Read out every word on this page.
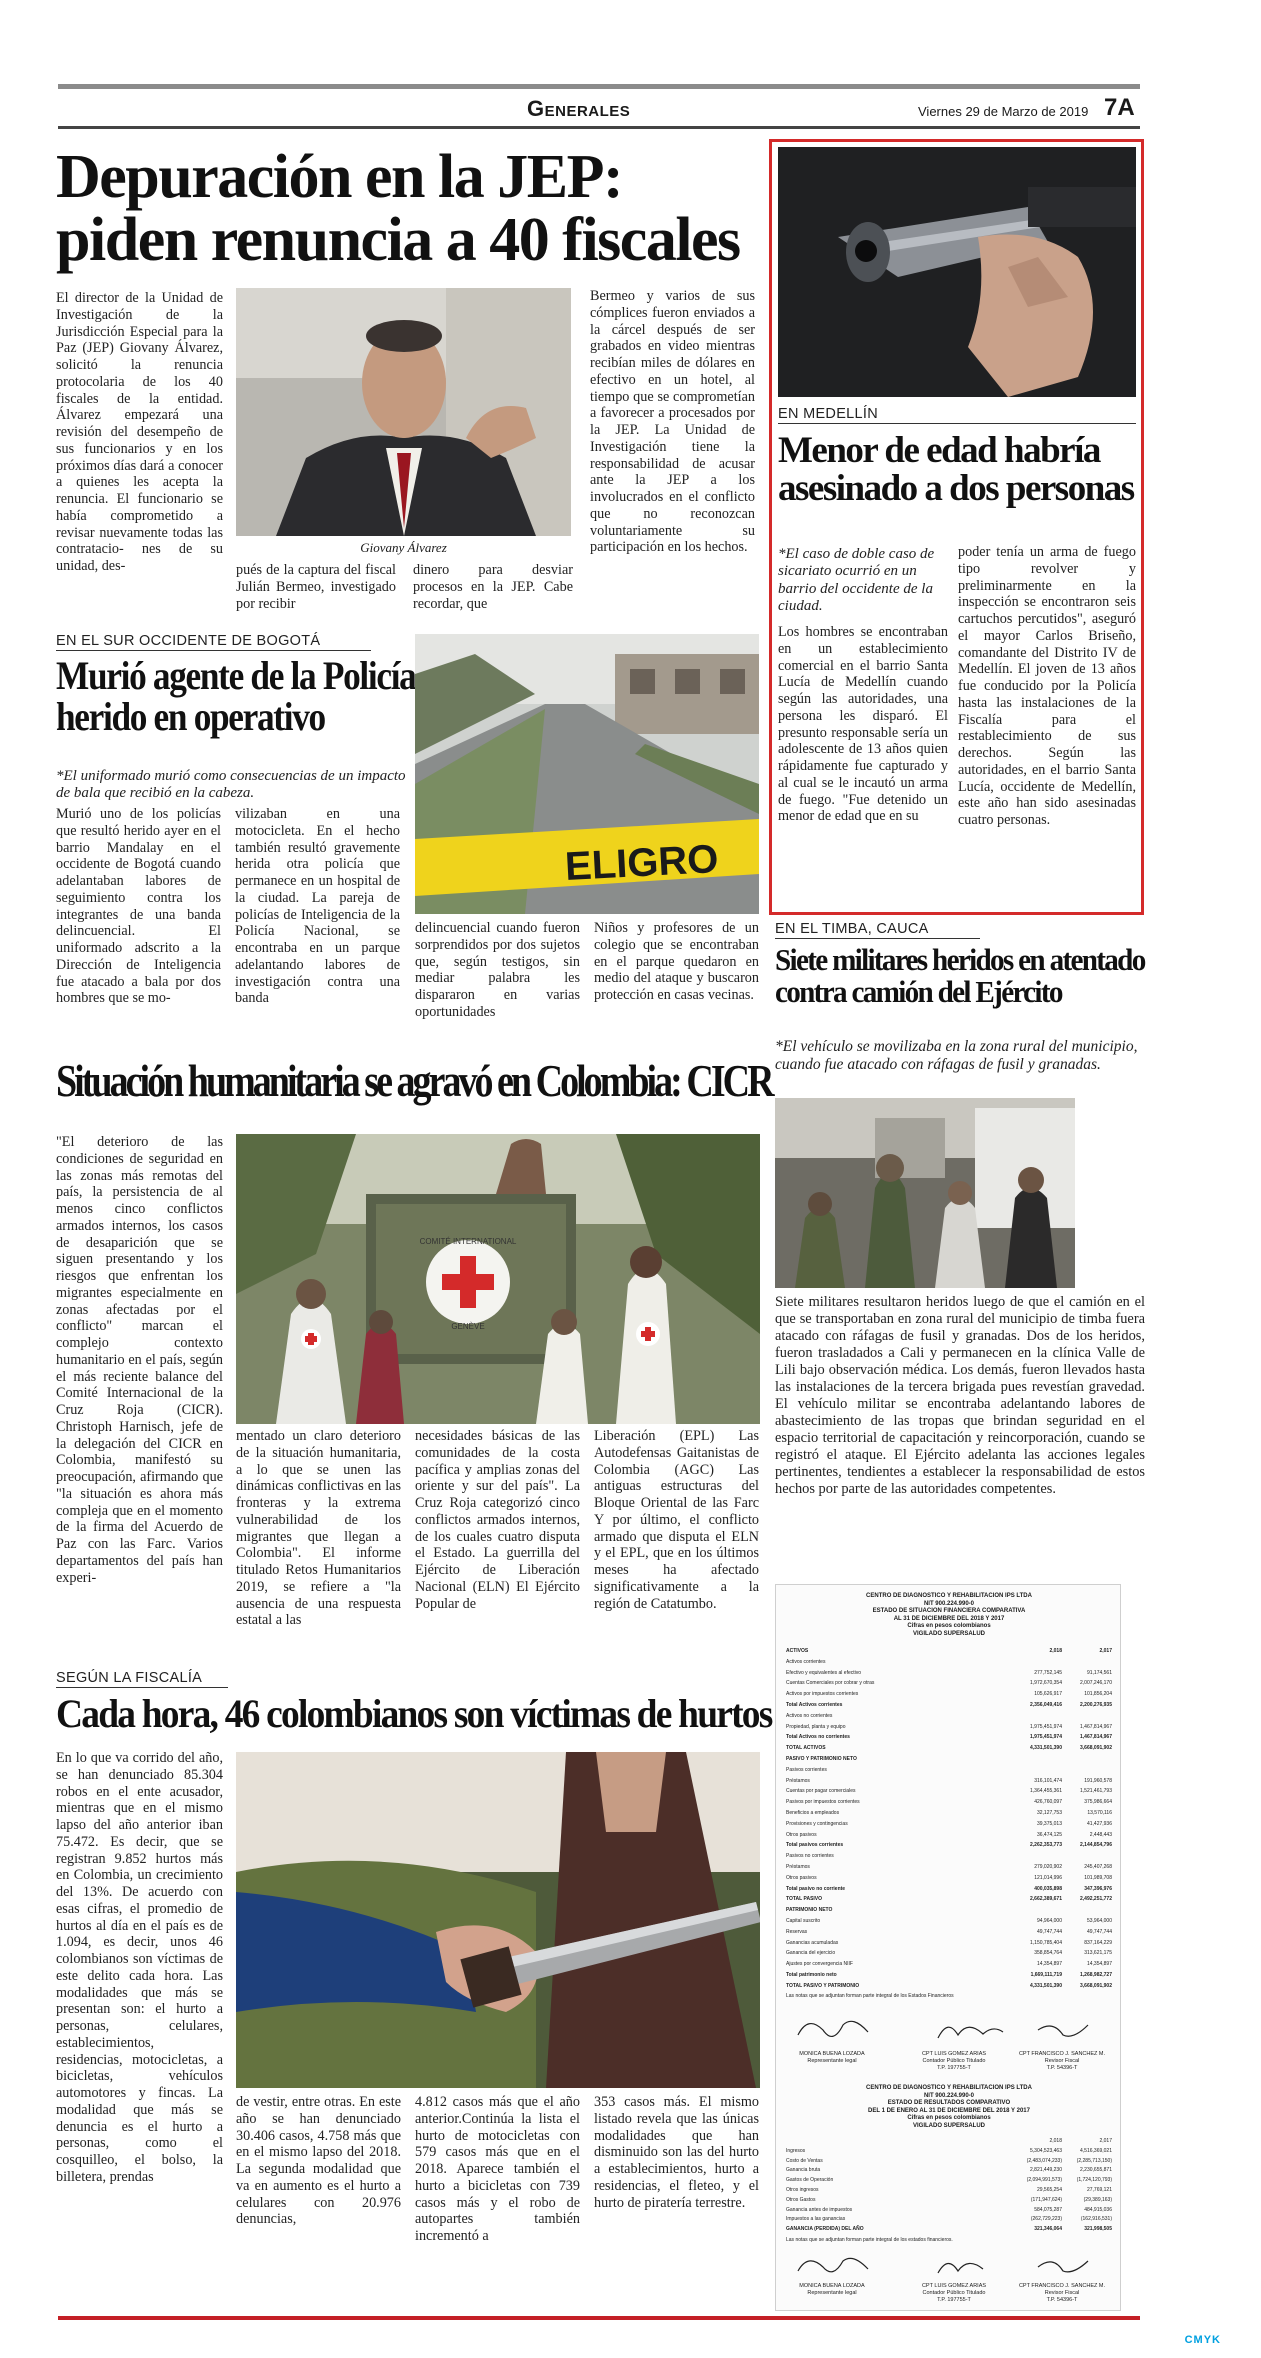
Generales	Viernes 29 de Marzo de 2019 7A
Depuración en la JEP:
piden renuncia a 40 fiscales
El director de la Unidad de Investigación de la Jurisdicción Especial para la Paz (JEP) Giovany Álvarez, solicitó la renuncia protocolaria de los 40 fiscales de la entidad. Álvarez empezará una revisión del desempeño de sus funcionarios y en los próximos días dará a conocer a quienes les acepta la renuncia. El funcionario se había comprometido a revisar nuevamente todas las contratacio- nes de su unidad, des-
Giovany Álvarez
pués de la captura del fiscal Julián Bermeo, investigado por recibir
dinero para desviar procesos en la JEP. Cabe recordar, que
Bermeo y varios de sus cómplices fueron enviados a la cárcel después de ser grabados en video mientras recibían miles de dólares en efectivo en un hotel, al tiempo que se comprometían a favorecer a procesados por la JEP. La Unidad de Investigación tiene la responsabilidad de acusar ante la JEP a los involucrados en el conflicto que no reconozcan voluntariamente su participación en los hechos.
EN MEDELLÍN
Menor de edad habría
asesinado a dos personas
*El caso de doble caso de sicariato ocurrió en un barrio del occidente de la ciudad.
Los hombres se encontraban en un establecimiento comercial en el barrio Santa Lucía de Medellín cuando según las autoridades, una persona les disparó. El presunto responsable sería un adolescente de 13 años quien rápidamente fue capturado y al cual se le incautó un arma de fuego. "Fue detenido un menor de edad que en su
poder tenía un arma de fuego tipo revolver y preliminarmente en la inspección se encontraron seis cartuchos percutidos", aseguró el mayor Carlos Briseño, comandante del Distrito IV de Medellín. El joven de 13 años fue conducido por la Policía hasta las instalaciones de la Fiscalía para el restablecimiento de sus derechos. Según las autoridades, en el barrio Santa Lucía, occidente de Medellín, este año han sido asesinadas cuatro personas.
EN EL SUR OCCIDENTE DE BOGOTÁ
Murió agente de la Policía
herido en operativo
*El uniformado murió como consecuencias de un impacto de bala que recibió en la cabeza.
Murió uno de los policías que resultó herido ayer en el barrio Mandalay en el occidente de Bogotá cuando adelantaban labores de seguimiento contra los integrantes de una banda delincuencial. El uniformado adscrito a la Dirección de Inteligencia fue atacado a bala por dos hombres que se mo-
vilizaban en una motocicleta. En el hecho también resultó gravemente herida otra policía que permanece en un hospital de la ciudad. La pareja de policías de Inteligencia de la Policía Nacional, se encontraba en un parque adelantando labores de investigación contra una banda
ELIGRO
delincuencial cuando fueron sorprendidos por dos sujetos que, según testigos, sin mediar palabra les dispararon en varias oportunidades
Niños y profesores de un colegio que se encontraban en el parque quedaron en medio del ataque y buscaron protección en casas vecinas.
EN EL TIMBA, CAUCA
Siete militares heridos en atentado
contra camión del Ejército
*El vehículo se movilizaba en la zona rural del municipio, cuando fue atacado con ráfagas de fusil y granadas.
Siete militares resultaron heridos luego de que el camión en el que se transportaban en zona rural del municipio de timba fuera atacado con ráfagas de fusil y granadas. Dos de los heridos, fueron trasladados a Cali y permanecen en la clínica Valle de Lili bajo observación médica. Los demás, fueron llevados hasta las instalaciones de la tercera brigada pues revestían gravedad. El vehículo militar se encontraba adelantando labores de abastecimiento de las tropas que brindan seguridad en el espacio territorial de capacitación y reincorporación, cuando se registró el ataque. El Ejército adelanta las acciones legales pertinentes, tendientes a establecer la responsabilidad de estos hechos por parte de las autoridades competentes.
Situación humanitaria se agravó en Colombia: CICR
"El deterioro de las condiciones de seguridad en las zonas más remotas del país, la persistencia de al menos cinco conflictos armados internos, los casos de desaparición que se siguen presentando y los riesgos que enfrentan los migrantes especialmente en zonas afectadas por el conflicto" marcan el complejo contexto humanitario en el país, según el más reciente balance del Comité Internacional de la Cruz Roja (CICR). Christoph Harnisch, jefe de la delegación del CICR en Colombia, manifestó su preocupación, afirmando que "la situación es ahora más compleja que en el momento de la firma del Acuerdo de Paz con las Farc. Varios departamentos del país han experi-
COMITÉ INTERNATIONAL
GENÈVE
mentado un claro deterioro de la situación humanitaria, a lo que se unen las dinámicas conflictivas en las fronteras y la extrema vulnerabilidad de los migrantes que llegan a Colombia". El informe titulado Retos Humanitarios 2019, se refiere a "la ausencia de una respuesta estatal a las
necesidades básicas de las comunidades de la costa pacífica y amplias zonas del oriente y sur del país". La Cruz Roja categorizó cinco conflictos armados internos, de los cuales cuatro disputa el Estado. La guerrilla del Ejército de Liberación Nacional (ELN) El Ejército Popular de
Liberación (EPL) Las Autodefensas Gaitanistas de Colombia (AGC) Las antiguas estructuras del Bloque Oriental de las Farc Y por último, el conflicto armado que disputa el ELN y el EPL, que en los últimos meses ha afectado significativamente a la región de Catatumbo.
SEGÚN LA FISCALÍA
Cada hora, 46 colombianos son víctimas de hurtos
En lo que va corrido del año, se han denunciado 85.304 robos en el ente acusador, mientras que en el mismo lapso del año anterior iban 75.472. Es decir, que se registran 9.852 hurtos más en Colombia, un crecimiento del 13%. De acuerdo con esas cifras, el promedio de hurtos al día en el país es de 1.094, es decir, unos 46 colombianos son víctimas de este delito cada hora. Las modalidades que más se presentan son: el hurto a personas, celulares, establecimientos, residencias, motocicletas, a bicicletas, vehículos automotores y fincas. La modalidad que más se denuncia es el hurto a personas, como el cosquilleo, el bolso, la billetera, prendas
de vestir, entre otras. En este año se han denunciado 30.406 casos, 4.758 más que en el mismo lapso del 2018. La segunda modalidad que va en aumento es el hurto a celulares con 20.976 denuncias,
4.812 casos más que el año anterior.Continúa la lista el hurto de motocicletas con 579 casos más que en el 2018. Aparece también el hurto a bicicletas con 739 casos más y el robo de autopartes también incrementó a
353 casos más. El mismo listado revela que las únicas modalidades que han disminuido son las del hurto a establecimientos, hurto a residencias, el fleteo, y el hurto de piratería terrestre.
CENTRO DE DIAGNOSTICO Y REHABILITACION IPS LTDA
NIT 900.224.990-0
ESTADO DE SITUACION FINANCIERA COMPARATIVA
AL 31 DE DICIEMBRE DEL 2018 Y 2017
Cifras en pesos colombianos
VIGILADO SUPERSALUD
ACTIVOS	2,018	2,017
Activos corrientes
Efectivo y equivalentes al efectivo	277,752,145	91,174,561
Cuentas Comerciales por cobrar y otras	1,972,670,354	2,007,246,170
Activos por impuestos corrientes	105,626,917	101,856,204
Total Activos corrientes	2,356,049,416	2,200,276,935
Activos no corrientes
Propiedad, planta y equipo	1,975,451,974	1,467,814,967
Total Activos no corrientes	1,975,451,974	1,467,814,967
TOTAL ACTIVOS	4,331,501,390	3,668,091,902
PASIVO Y PATRIMONIO NETO
Pasivos corrientes
Préstamos	316,101,474	191,960,578
Cuentas por pagar comerciales	1,364,455,361	1,521,461,793
Pasivos por impuestos corrientes	426,760,097	375,986,664
Beneficios a empleados	32,127,753	13,570,116
Provisiones y contingencias	39,375,013	41,427,936
Otros pasivos	36,474,125	2,448,443
Total pasivos corrientes	2,262,353,773	2,144,854,796
Pasivos no corrientes
Préstamos	279,020,902	245,407,268
Otros pasivos	121,014,996	101,989,708
Total pasivo no corriente	400,035,898	347,396,976
TOTAL PASIVO	2,662,389,671	2,492,251,772
PATRIMONIO NETO
Capital suscrito	94,964,000	53,964,000
Reservas	49,747,744	49,747,744
Ganancias acumuladas	1,150,785,404	837,164,229
Ganancia del ejercicio	358,854,764	313,621,175
Ajustes por convergencia NIIF	14,354,897	14,354,897
Total patrimonio neto	1,669,111,719	1,268,982,727
TOTAL PASIVO Y PATRIMONIO	4,331,501,390	3,668,091,902
Las notas que se adjuntan forman parte integral de los Estados Financieros
MONICA BUENA LOZADA
Representante legal
CPT LUIS GOMEZ ARIAS
Contador Público Titulado
T.P. 197755-T
CPT FRANCISCO J. SANCHEZ M.
Revisor Fiscal
T.P. 54396-T
CENTRO DE DIAGNOSTICO Y REHABILITACION IPS LTDA
NIT 900.224.990-0
ESTADO DE RESULTADOS COMPARATIVO
DEL 1 DE ENERO AL 31 DE DICIEMBRE DEL 2018 Y 2017
Cifras en pesos colombianos
VIGILADO SUPERSALUD
2,018	2,017
Ingresos	5,304,523,463	4,516,369,021
Costo de Ventas	(2,483,074,233)	(2,285,713,150)
Ganancia bruta	2,821,449,230	2,230,655,871
Gastos de Operación	(2,094,991,573)	(1,724,120,793)
Otros ingresos	29,565,254	27,769,121
Otros Gastos	(171,947,624)	(29,389,163)
Ganancia antes de impuestos	584,075,287	484,915,036
Impuestos a las ganancias	(262,729,223)	(162,916,531)
GANANCIA (PERDIDA) DEL AÑO	321,346,064	321,998,505
Las notas que se adjuntan forman parte integral de los estados financieros.
MONICA BUENA LOZADA
Representante legal
CPT LUIS GOMEZ ARIAS
Contador Público Titulado
T.P. 197755-T
CPT FRANCISCO J. SANCHEZ M.
Revisor Fiscal
T.P. 54396-T
CMYK
